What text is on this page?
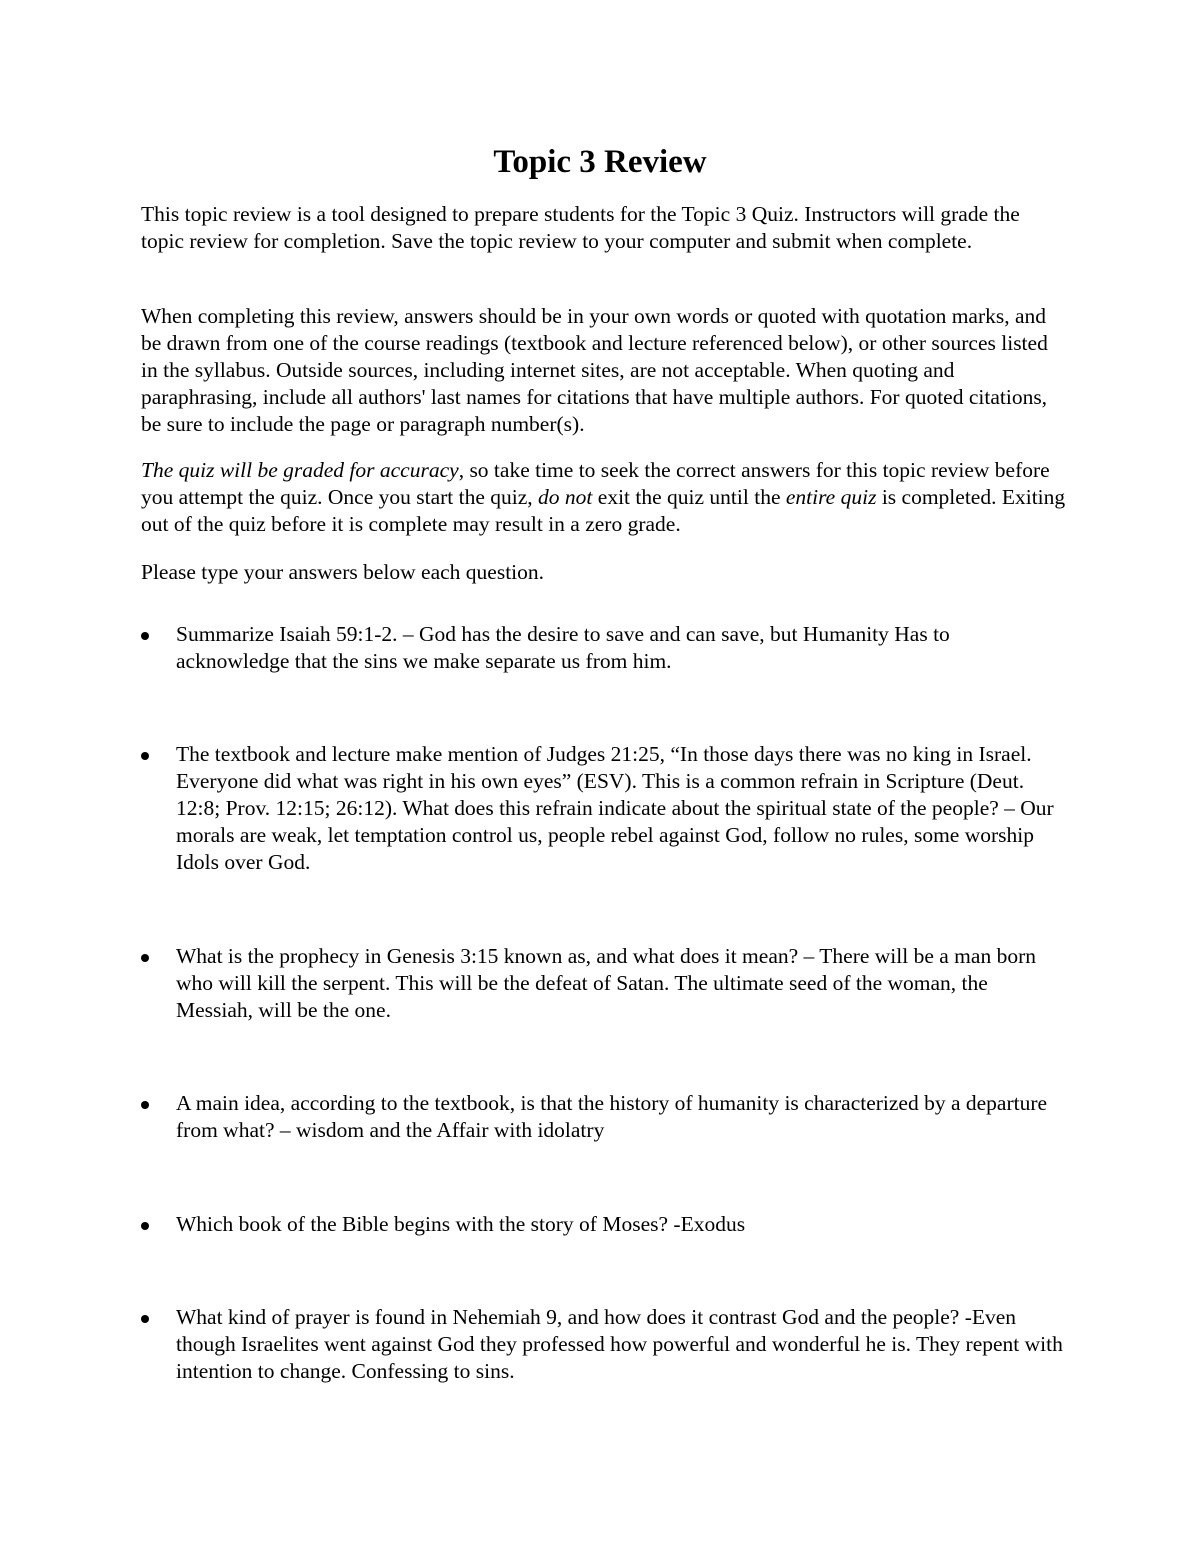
Topic 3 Review

This topic review is a tool designed to prepare students for the Topic 3 Quiz. Instructors will grade the topic review for completion. Save the topic review to your computer and submit when complete.

When completing this review, answers should be in your own words or quoted with quotation marks, and be drawn from one of the course readings (textbook and lecture referenced below), or other sources listed in the syllabus. Outside sources, including internet sites, are not acceptable. When quoting and paraphrasing, include all authors' last names for citations that have multiple authors. For quoted citations, be sure to include the page or paragraph number(s).

The quiz will be graded for accuracy, so take time to seek the correct answers for this topic review before you attempt the quiz. Once you start the quiz, do not exit the quiz until the entire quiz is completed. Exiting out of the quiz before it is complete may result in a zero grade.

Please type your answers below each question.

Summarize Isaiah 59:1-2. – God has the desire to save and can save, but Humanity Has to acknowledge that the sins we make separate us from him.
The textbook and lecture make mention of Judges 21:25, “In those days there was no king in Israel. Everyone did what was right in his own eyes” (ESV). This is a common refrain in Scripture (Deut. 12:8; Prov. 12:15; 26:12). What does this refrain indicate about the spiritual state of the people? – Our morals are weak, let temptation control us, people rebel against God, follow no rules, some worship Idols over God.
What is the prophecy in Genesis 3:15 known as, and what does it mean? – There will be a man born who will kill the serpent. This will be the defeat of Satan. The ultimate seed of the woman, the Messiah, will be the one.
A main idea, according to the textbook, is that the history of humanity is characterized by a departure from what? – wisdom and the Affair with idolatry
Which book of the Bible begins with the story of Moses? -Exodus
What kind of prayer is found in Nehemiah 9, and how does it contrast God and the people? -Even though Israelites went against God they professed how powerful and wonderful he is. They repent with intention to change. Confessing to sins.
